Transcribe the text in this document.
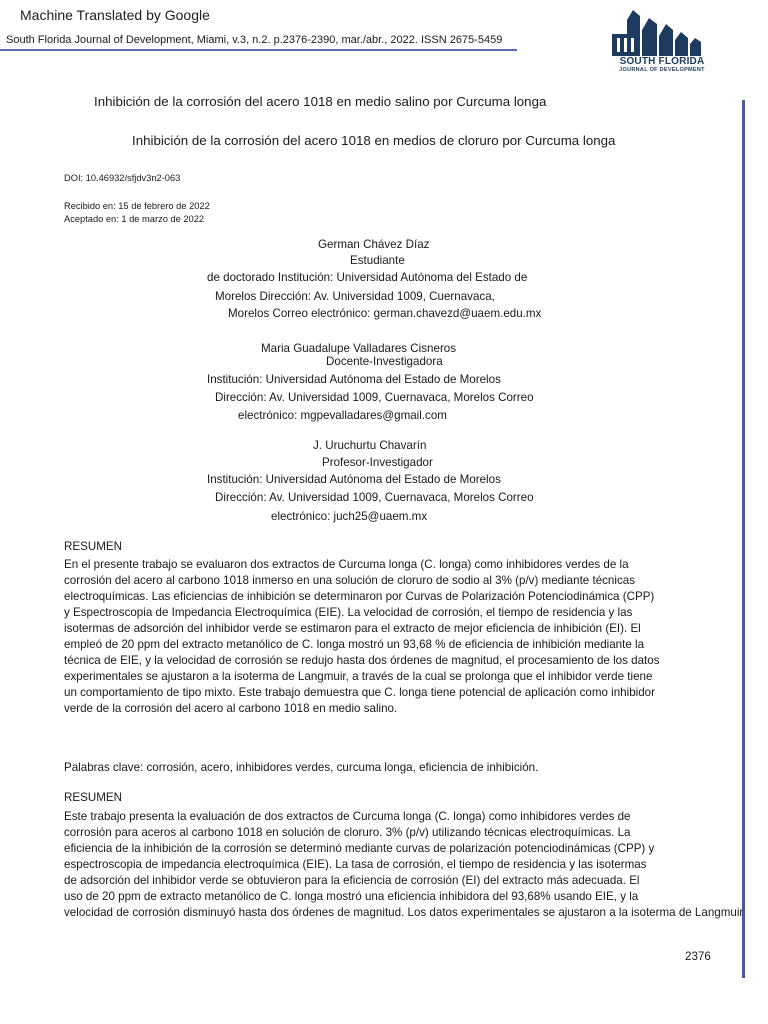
Machine Translated by Google
South Florida Journal of Development, Miami, v.3, n.2. p.2376-2390, mar./abr., 2022. ISSN 2675-5459
SOUTH FLORIDA
JOURNAL OF DEVELOPMENT
Inhibición de la corrosión del acero 1018 en medio salino por Curcuma longa
Inhibición de la corrosión del acero 1018 en medios de cloruro por Curcuma longa
DOI: 10.46932/sfjdv3n2-063
Recibido en: 15 de febrero de 2022
Aceptado en: 1 de marzo de 2022
German Chávez Díaz
Estudiante
de doctorado Institución: Universidad Autónoma del Estado de
Morelos Dirección: Av. Universidad 1009, Cuernavaca,
Morelos Correo electrónico: german.chavezd@uaem.edu.mx
Maria Guadalupe Valladares Cisneros
Docente-Investigadora
Institución: Universidad Autónoma del Estado de Morelos
Dirección: Av. Universidad 1009, Cuernavaca, Morelos Correo
electrónico: mgpevalladares@gmail.com
J. Uruchurtu Chavarín
Profesor-Investigador
Institución: Universidad Autónoma del Estado de Morelos
Dirección: Av. Universidad 1009, Cuernavaca, Morelos Correo
electrónico: juch25@uaem.mx
RESUMEN
En el presente trabajo se evaluaron dos extractos de Curcuma longa (C. longa) como inhibidores verdes de la
corrosión del acero al carbono 1018 inmerso en una solución de cloruro de sodio al 3% (p/v) mediante técnicas
electroquímicas. Las eficiencias de inhibición se determinaron por Curvas de Polarización Potenciodinámica (CPP)
y Espectroscopia de Impedancia Electroquímica (EIE). La velocidad de corrosión, el tiempo de residencia y las
isotermas de adsorción del inhibidor verde se estimaron para el extracto de mejor eficiencia de inhibición (EI). El
empleó de 20 ppm del extracto metanólico de C. longa mostró un 93,68 % de eficiencia de inhibición mediante la
técnica de EIE, y la velocidad de corrosión se redujo hasta dos órdenes de magnitud, el procesamiento de los datos
experimentales se ajustaron a la isoterma de Langmuir, a través de la cual se prolonga que el inhibidor verde tiene
un comportamiento de tipo mixto. Este trabajo demuestra que C. longa tiene potencial de aplicación como inhibidor
verde de la corrosión del acero al carbono 1018 en medio salino.
Palabras clave: corrosión, acero, inhibidores verdes, curcuma longa, eficiencia de inhibición.
RESUMEN
Este trabajo presenta la evaluación de dos extractos de Curcuma longa (C. longa) como inhibidores verdes de
corrosión para aceros al carbono 1018 en solución de cloruro. 3% (p/v) utilizando técnicas electroquímicas. La
eficiencia de la inhibición de la corrosión se determinó mediante curvas de polarización potenciodinámicas (CPP) y
espectroscopia de impedancia electroquímica (EIE). La tasa de corrosión, el tiempo de residencia y las isotermas
de adsorción del inhibidor verde se obtuvieron para la eficiencia de corrosión (EI) del extracto más adecuada. El
uso de 20 ppm de extracto metanólico de C. longa mostró una eficiencia inhibidora del 93,68% usando EIE, y la
velocidad de corrosión disminuyó hasta dos órdenes de magnitud. Los datos experimentales se ajustaron a la isoterma de Langmuir
2376
